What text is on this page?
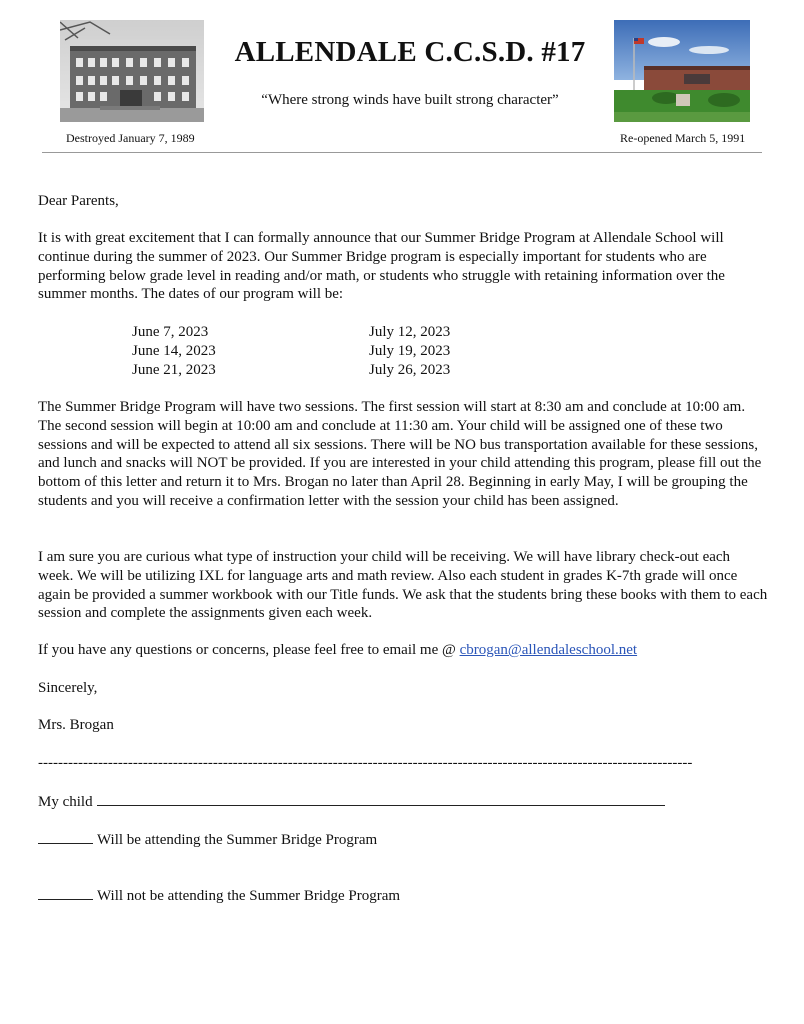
Destroyed January 7, 1989	Re-opened March 5, 1991
ALLENDALE C.C.S.D. #17
“Where strong winds have built strong character”
Dear Parents,
It is with great excitement that I can formally announce that our Summer Bridge Program at Allendale School will continue during the summer of 2023. Our Summer Bridge program is especially important for students who are performing below grade level in reading and/or math, or students who struggle with retaining information over the summer months. The dates of our program will be:
June 7, 2023
June 14, 2023
June 21, 2023
July 12, 2023
July 19, 2023
July 26, 2023
The Summer Bridge Program will have two sessions. The first session will start at 8:30 am and conclude at 10:00 am. The second session will begin at 10:00 am and conclude at 11:30 am. Your child will be assigned one of these two sessions and will be expected to attend all six sessions. There will be NO bus transportation available for these sessions, and lunch and snacks will NOT be provided. If you are interested in your child attending this program, please fill out the bottom of this letter and return it to Mrs. Brogan no later than April 28. Beginning in early May, I will be grouping the students and you will receive a confirmation letter with the session your child has been assigned.
I am sure you are curious what type of instruction your child will be receiving. We will have library check-out each week. We will be utilizing IXL for language arts and math review. Also each student in grades K-7th grade will once again be provided a summer workbook with our Title funds. We ask that the students bring these books with them to each session and complete the assignments given each week.
If you have any questions or concerns, please feel free to email me @ cbrogan@allendaleschool.net
Sincerely,
Mrs. Brogan
-----------------------------------------------------------------------------------------------------------------------------------
My child
Will be attending the Summer Bridge Program
Will not be attending the Summer Bridge Program
